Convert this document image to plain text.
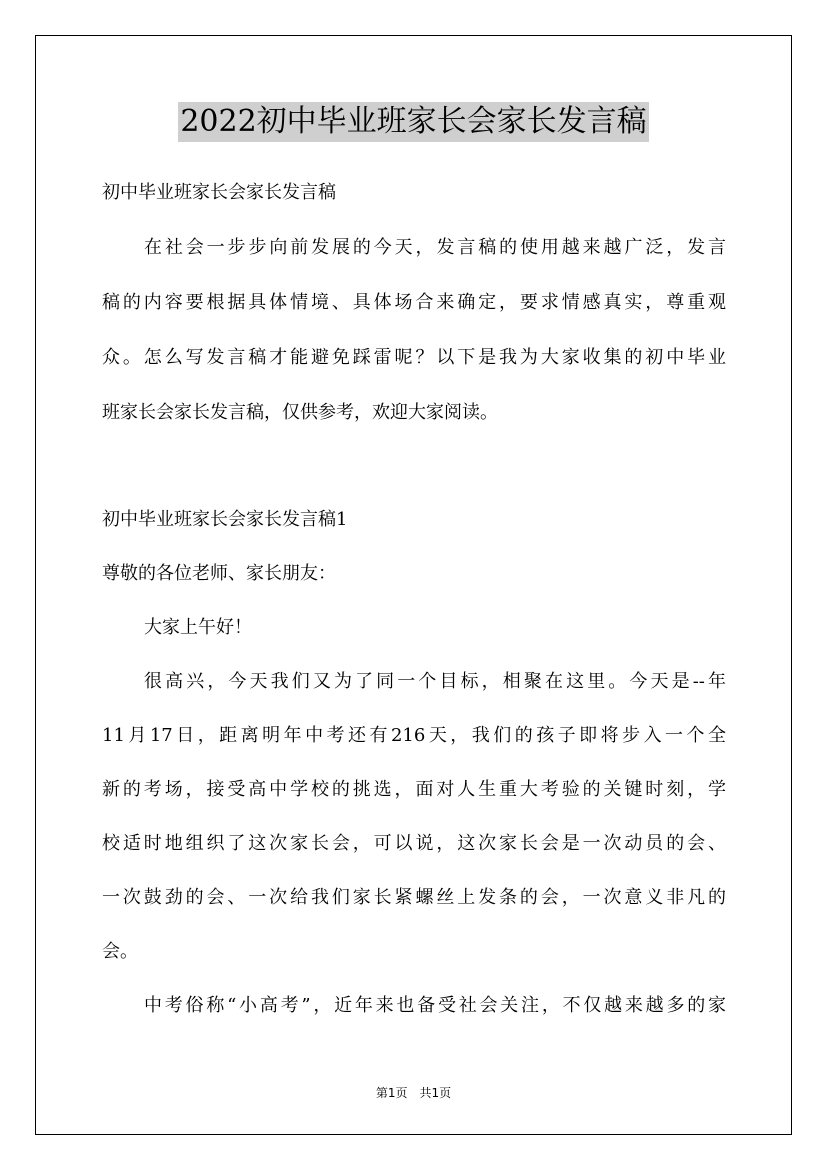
2022初中毕业班家长会家长发言稿
初中毕业班家长会家长发言稿
在社会一步步向前发展的今天，发言稿的使用越来越广泛，发言
稿的内容要根据具体情境、具体场合来确定，要求情感真实，尊重观
众。怎么写发言稿才能避免踩雷呢？以下是我为大家收集的初中毕业
班家长会家长发言稿，仅供参考，欢迎大家阅读。
初中毕业班家长会家长发言稿1
尊敬的各位老师、家长朋友：
大家上午好！
很高兴，今天我们又为了同一个目标，相聚在这里。今天是--年
11月17日，距离明年中考还有216天，我们的孩子即将步入一个全
新的考场，接受高中学校的挑选，面对人生重大考验的关键时刻，学
校适时地组织了这次家长会，可以说，这次家长会是一次动员的会、
一次鼓劲的会、一次给我们家长紧螺丝上发条的会，一次意义非凡的
会。
中考俗称“小高考”，近年来也备受社会关注，不仅越来越多的家
第1页　共1页
